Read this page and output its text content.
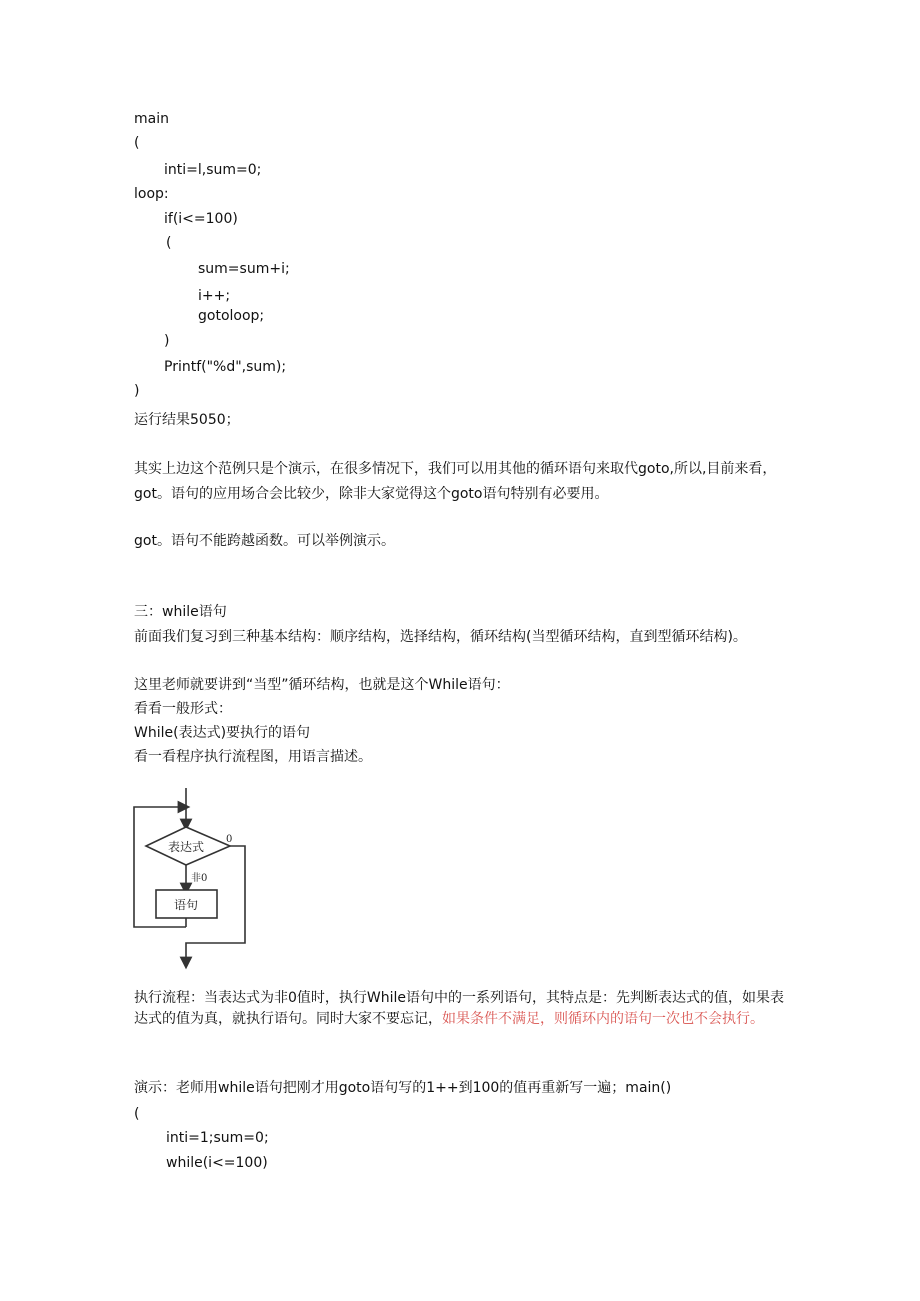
main
(
inti=l,sum=0;
loop:
if(i<=100)
(
sum=sum+i;
i++;
gotoloop;
)
Printf("%d",sum);
)
运行结果5050；
其实上边这个范例只是个演示，在很多情况下，我们可以用其他的循环语句来取代goto,所以,目前来看，got。语句的应用场合会比较少，除非大家觉得这个goto语句特别有必要用。
got。语句不能跨越函数。可以举例演示。
三：while语句
前面我们复习到三种基本结构：顺序结构，选择结构，循环结构(当型循环结构，直到型循环结构)。
这里老师就要讲到“当型”循环结构，也就是这个While语句：
看看一般形式：
While(表达式)要执行的语句
看一看程序执行流程图，用语言描述。
表达式
0
非0
语句
执行流程：当表达式为非0值时，执行While语句中的一系列语句，其特点是：先判断表达式的值，如果表达式的值为真，就执行语句。同时大家不要忘记，如果条件不满足，则循环内的语句一次也不会执行。
演示：老师用while语句把刚才用goto语句写的1++到100的值再重新写一遍；main()
(
inti=1;sum=0;
while(i<=100)
